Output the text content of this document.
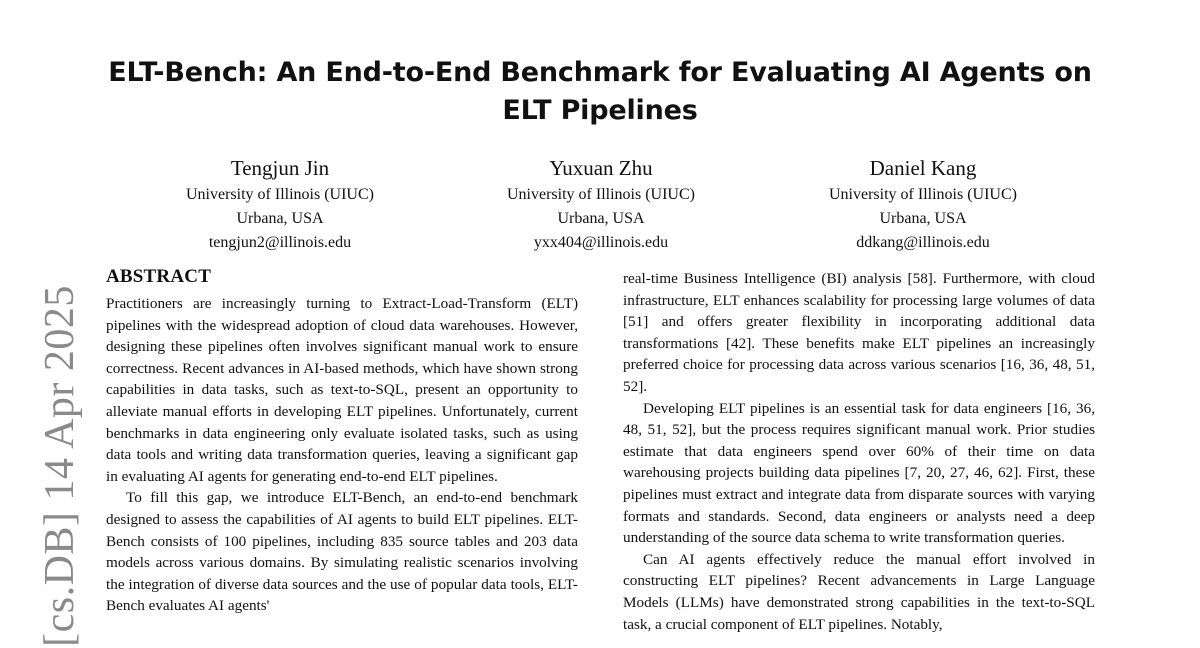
[cs.DB] 14 Apr 2025
ELT-Bench: An End-to-End Benchmark for Evaluating AI Agents on ELT Pipelines
Tengjun Jin
University of Illinois (UIUC)
Urbana, USA
tengjun2@illinois.edu
Yuxuan Zhu
University of Illinois (UIUC)
Urbana, USA
yxx404@illinois.edu
Daniel Kang
University of Illinois (UIUC)
Urbana, USA
ddkang@illinois.edu
ABSTRACT

Practitioners are increasingly turning to Extract-Load-Transform (ELT) pipelines with the widespread adoption of cloud data warehouses. However, designing these pipelines often involves significant manual work to ensure correctness. Recent advances in AI-based methods, which have shown strong capabilities in data tasks, such as text-to-SQL, present an opportunity to alleviate manual efforts in developing ELT pipelines. Unfortunately, current benchmarks in data engineering only evaluate isolated tasks, such as using data tools and writing data transformation queries, leaving a significant gap in evaluating AI agents for generating end-to-end ELT pipelines.

To fill this gap, we introduce ELT-Bench, an end-to-end benchmark designed to assess the capabilities of AI agents to build ELT pipelines. ELT-Bench consists of 100 pipelines, including 835 source tables and 203 data models across various domains. By simulating realistic scenarios involving the integration of diverse data sources and the use of popular data tools, ELT-Bench evaluates AI agents'

real-time Business Intelligence (BI) analysis [58]. Furthermore, with cloud infrastructure, ELT enhances scalability for processing large volumes of data [51] and offers greater flexibility in incorporating additional data transformations [42]. These benefits make ELT pipelines an increasingly preferred choice for processing data across various scenarios [16, 36, 48, 51, 52].

Developing ELT pipelines is an essential task for data engineers [16, 36, 48, 51, 52], but the process requires significant manual work. Prior studies estimate that data engineers spend over 60% of their time on data warehousing projects building data pipelines [7, 20, 27, 46, 62]. First, these pipelines must extract and integrate data from disparate sources with varying formats and standards. Second, data engineers or analysts need a deep understanding of the source data schema to write transformation queries.

Can AI agents effectively reduce the manual effort involved in constructing ELT pipelines? Recent advancements in Large Language Models (LLMs) have demonstrated strong capabilities in the text-to-SQL task, a crucial component of ELT pipelines. Notably,
